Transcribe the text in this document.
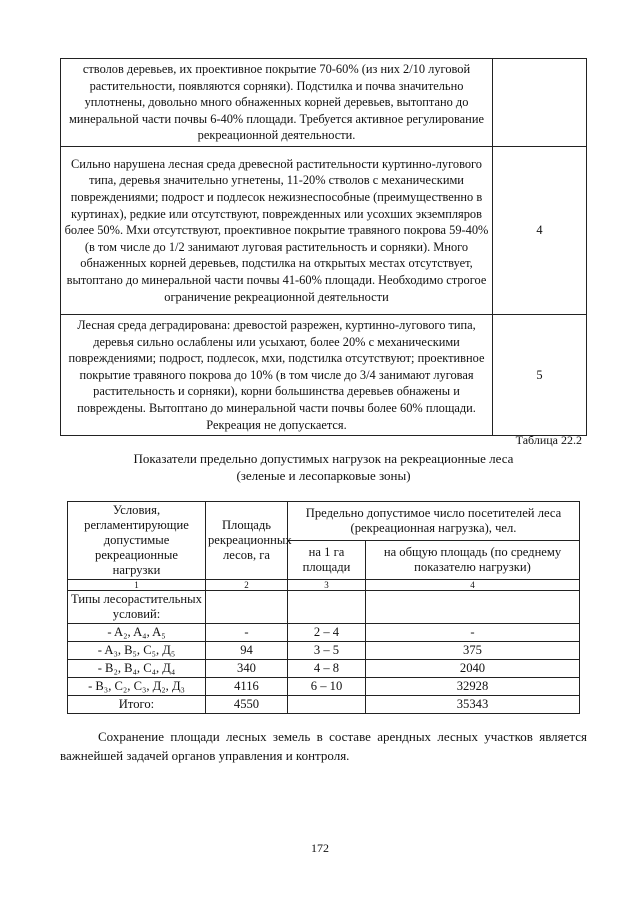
стволов деревьев, их проективное покрытие 70-60% (из них 2/10 луговой растительности, появляются сорняки). Подстилка и почва значительно уплотнены, довольно много обнаженных корней деревьев, вытоптано до минеральной части почвы 6-40% площади. Требуется активное регулирование рекреационной деятельности.	
Сильно нарушена лесная среда древесной растительности куртинно-лугового типа, деревья значительно угнетены, 11-20% стволов с механическими повреждениями; подрост и подлесок нежизнеспособные (преимущественно в куртинах), редкие или отсутствуют, поврежденных или усохших экземпляров более 50%. Мхи отсутствуют, проективное покрытие травяного покрова 59-40% (в том числе до 1/2 занимают луговая растительность и сорняки). Много обнаженных корней деревьев, подстилка на открытых местах отсутствует, вытоптано до минеральной части почвы 41-60% площади. Необходимо строгое ограничение рекреационной деятельности	4
Лесная среда деградирована: древостой разрежен, куртинно-лугового типа, деревья сильно ослаблены или усыхают, более 20% с механическими повреждениями; подрост, подлесок, мхи, подстилка отсутствуют; проективное покрытие травяного покрова до 10% (в том числе до 3/4 занимают луговая растительность и сорняки), корни большинства деревьев обнажены и повреждены. Вытоптано до минеральной части почвы более 60% площади. Рекреация не допускается.	5
Таблица 22.2
Показатели предельно допустимых нагрузок на рекреационные леса
(зеленые и лесопарковые зоны)
Условия, регламентирующие допустимые рекреационные нагрузки	Площадь рекреационных лесов, га	Предельно допустимое число посетителей леса (рекреационная нагрузка), чел.	
		на 1 га площади	на общую площадь (по среднему показателю нагрузки)
1	2	3	4
Типы лесорастительных условий:			
- A₂, A₄, A₅	-	2 – 4	-
- A₃, B₅, C₅, Д₅	94	3 – 5	375
- B₂, B₄, C₄, Д₄	340	4 – 8	2040
- B₃, C₂, C₃, Д₂, Д₃	4116	6 – 10	32928
Итого:	4550		35343
Сохранение площади лесных земель в составе арендных лесных участков является важнейшей задачей органов управления и контроля.
172
